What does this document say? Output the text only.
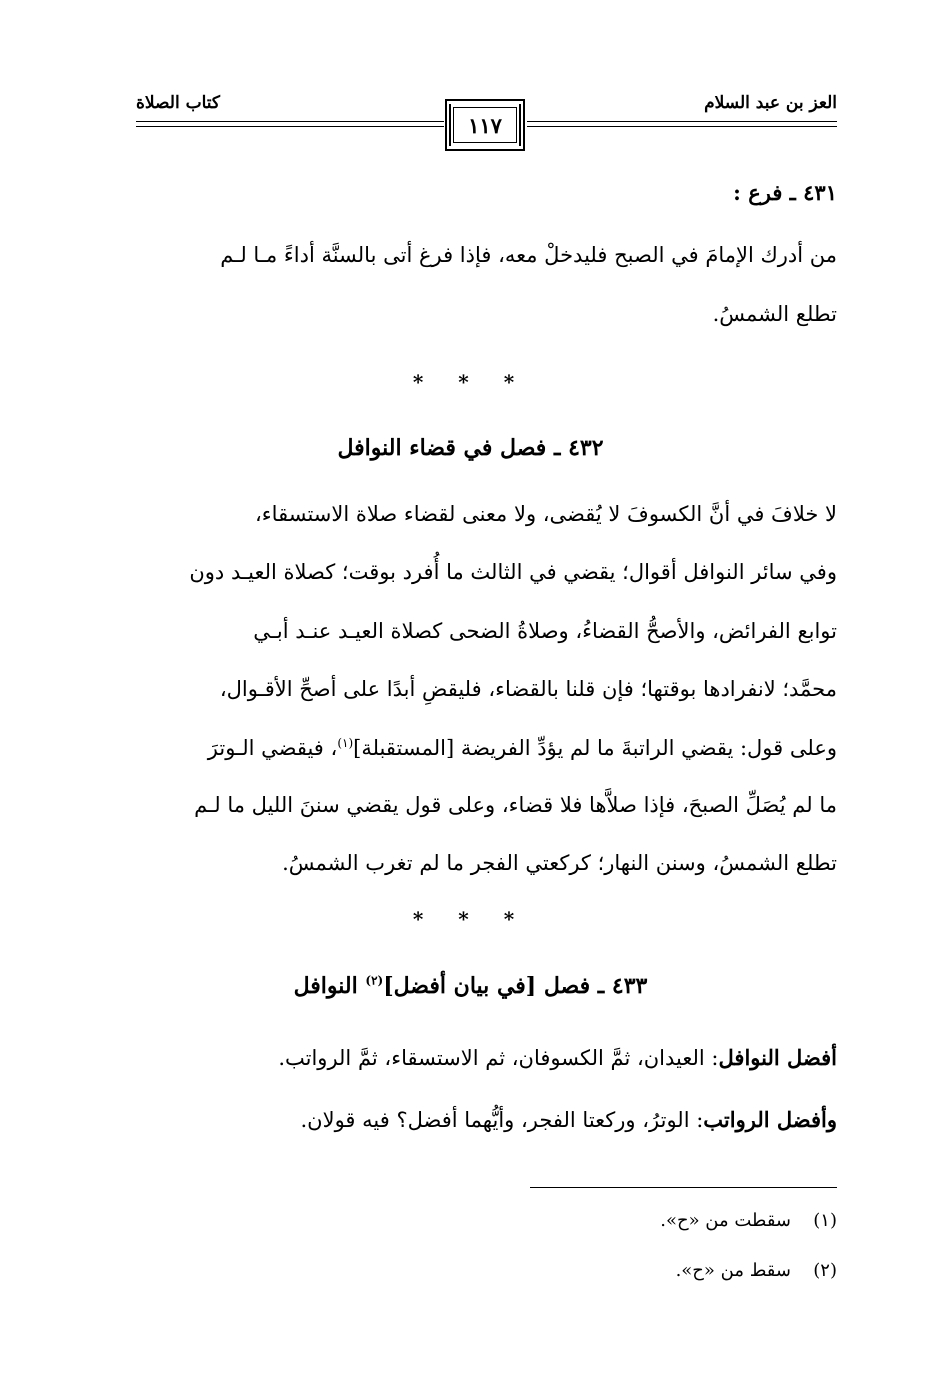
العز بن عبد السلام
كتاب الصلاة
١١٧
٤٣١ ـ فرع :
من أدرك الإمامَ في الصبح فليدخلْ معه، فإذا فرغ أتى بالسنَّة أداءً مـا لـم
تطلع الشمسُ.
* * *
٤٣٢ ـ فصل في قضاء النوافل
لا خلافَ في أنَّ الكسوفَ لا يُقضى، ولا معنى لقضاء صلاة الاستسقاء،
وفي سائر النوافل أقوال؛ يقضي في الثالث ما أُفرد بوقت؛ كصلاة العيـد دون
توابع الفرائض، والأصحُّ القضاءُ، وصلاةُ الضحى كصلاة العيـد عنـد أبـي
محمَّد؛ لانفرادها بوقتها؛ فإن قلنا بالقضاء، فليقضِ أبدًا على أصحِّ الأقـوال،
وعلى قول: يقضي الراتبةَ ما لم يؤدِّ الفريضة [المستقبلة]$^{(١)}$، فيقضي الـوترَ
ما لم يُصَلِّ الصبحَ، فإذا صلاَّها فلا قضاء، وعلى قول يقضي سننَ الليل ما لـم
تطلع الشمسُ، وسنن النهار؛ كركعتي الفجر ما لم تغرب الشمسُ.
* * *
٤٣٣ ـ فصل [في بيان أفضل]$^{(٢)}$ النوافل
أفضل النوافل: العيدان، ثمَّ الكسوفان، ثم الاستسقاء، ثمَّ الرواتب.
وأفضل الرواتب: الوترُ، وركعتا الفجر، وأيُّهما أفضل؟ فيه قولان.
(١)سقطت من «ح».
(٢)سقط من «ح».
